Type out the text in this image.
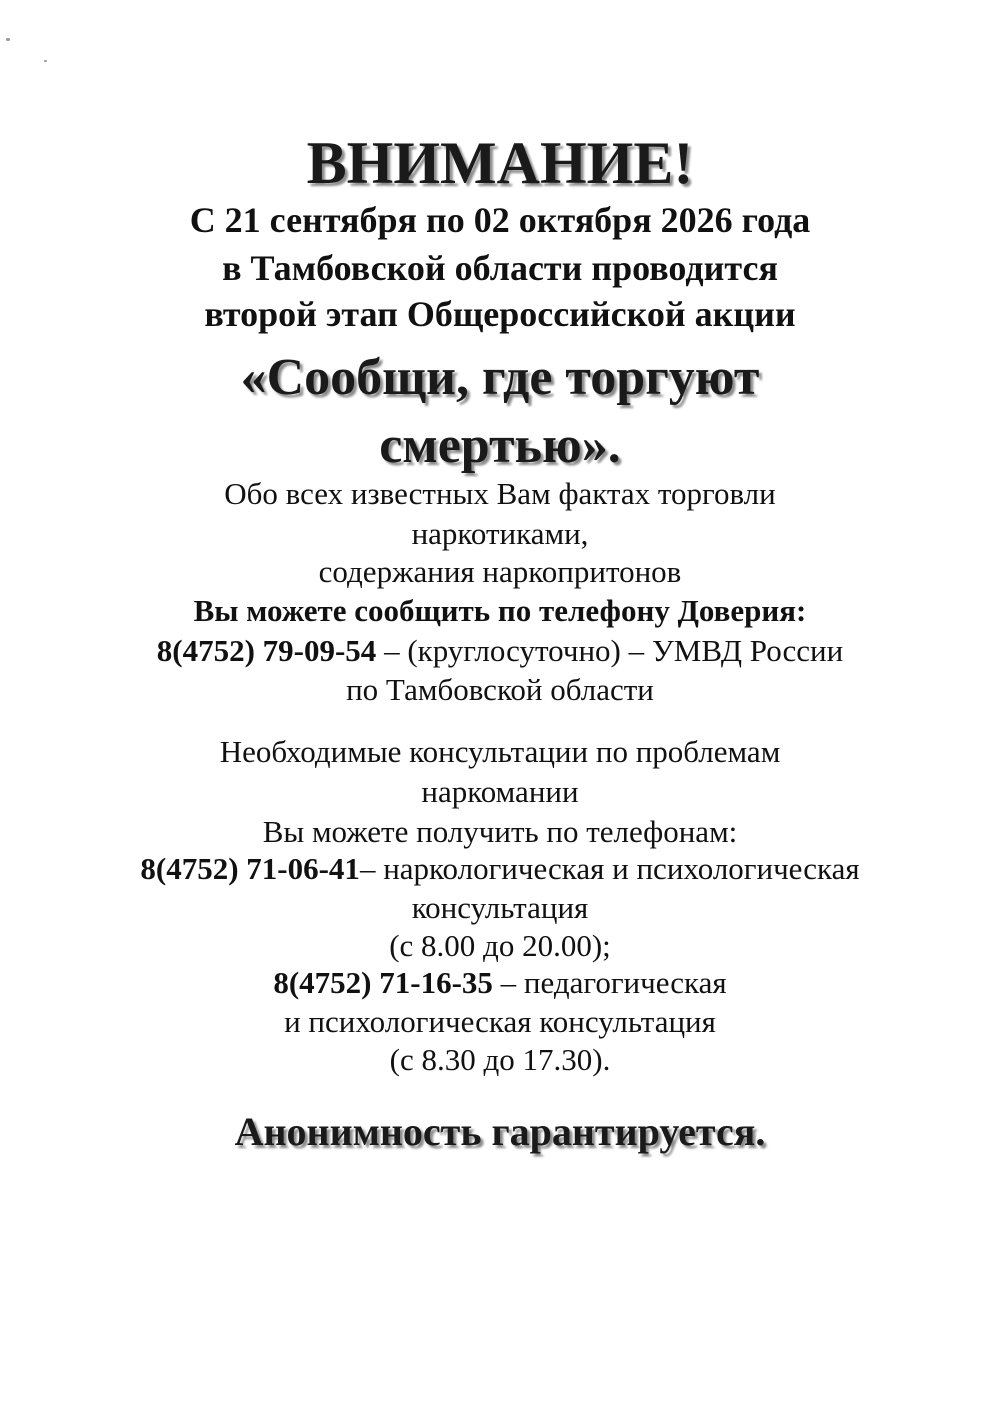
ВНИМАНИЕ!

С 21 сентября по 02 октября 2026 года

в Тамбовской области проводится

второй этап Общероссийской акции

«Сообщи, где торгуют

смертью».

Обо всех известных Вам фактах торговли

наркотиками,

содержания наркопритонов

Вы можете сообщить по телефону Доверия:

8(4752) 79-09-54 – (круглосуточно) – УМВД России

по Тамбовской области

Необходимые консультации по проблемам

наркомании

Вы можете получить по телефонам:

8(4752) 71-06-41– наркологическая и психологическая

консультация

(с 8.00 до 20.00);

8(4752) 71-16-35 – педагогическая

и психологическая консультация

(с 8.30 до 17.30).

Анонимность гарантируется.
